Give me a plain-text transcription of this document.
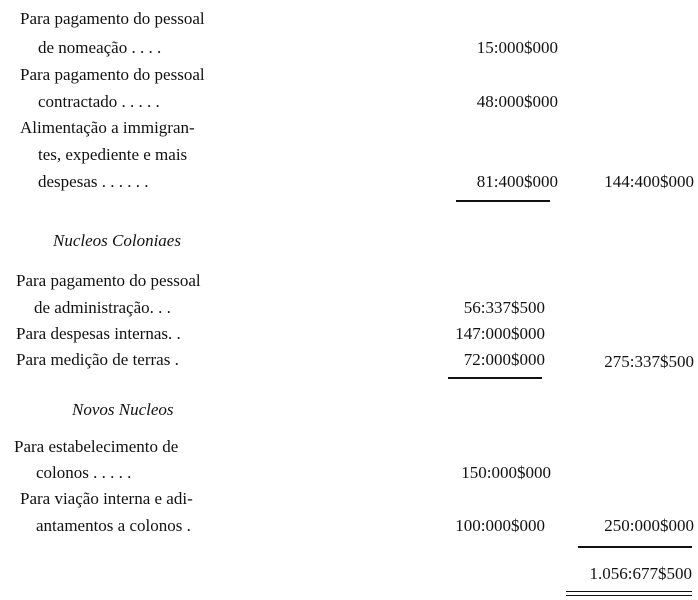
Para pagamento do pessoal
de nomeação . . . .	15:000$000
Para pagamento do pessoal
contractado . . . . .	48:000$000
Alimentação a immigran-
tes, expediente e mais
despesas . . . . . .	81:400$000	144:400$000
Nucleos Coloniaes
Para pagamento do pessoal
de administração. . .	56:337$500
Para despesas internas. .	147:000$000
Para medição de terras .	72:000$000	275:337$500
Novos Nucleos
Para estabelecimento de
colonos . . . . .	150:000$000
Para viação interna e adi-
antamentos a colonos .	100:000$000	250:000$000
1.056:677$500
